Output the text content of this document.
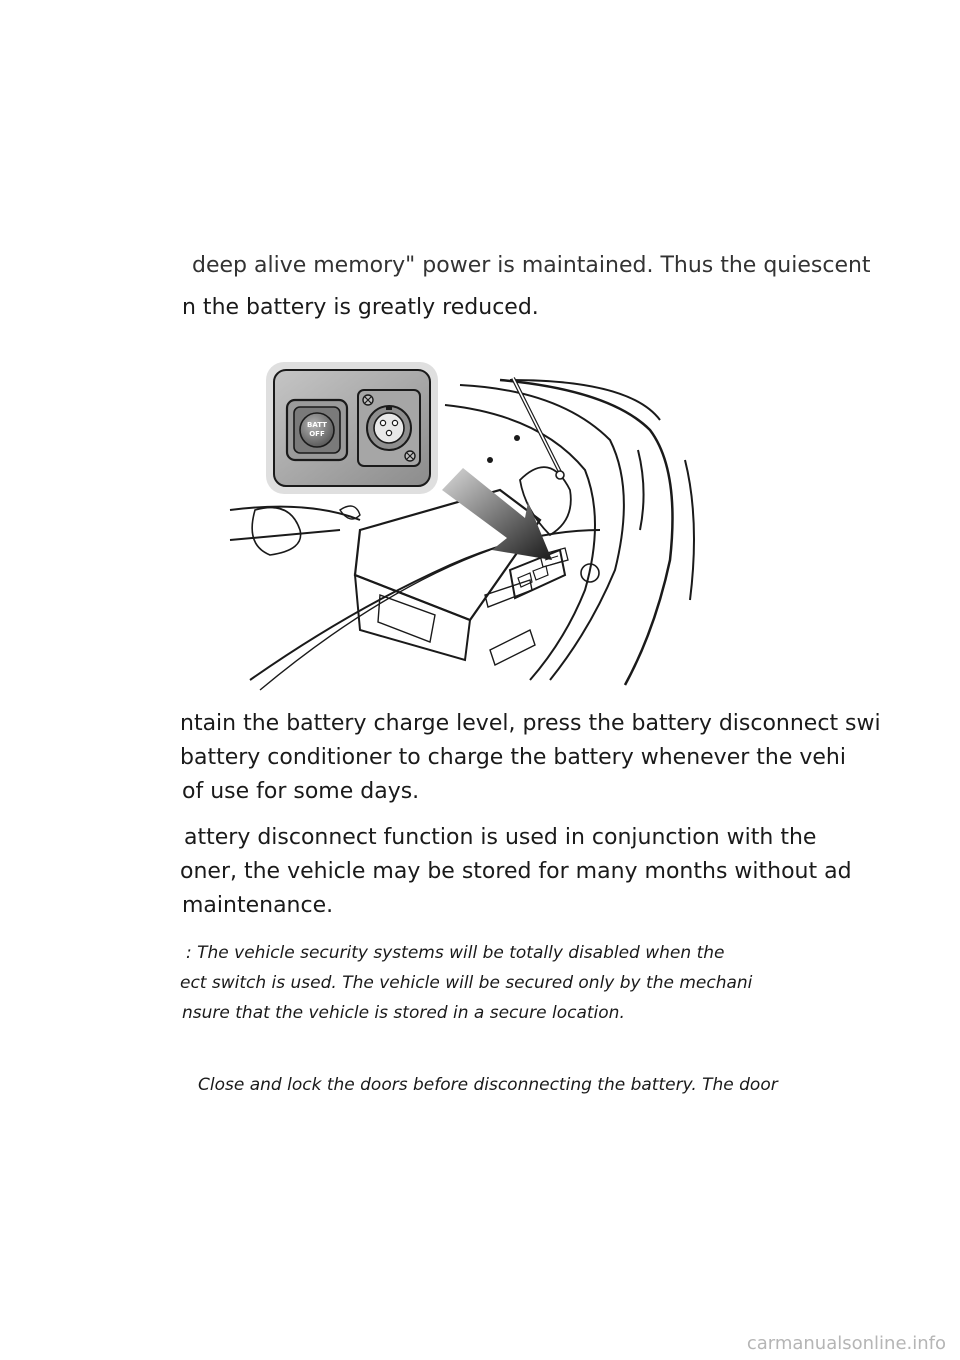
deep alive memory" power is maintained. Thus the quiescent
n the battery is greatly reduced.
BATT
OFF
ntain the battery charge level, press the battery disconnect swi
battery conditioner to charge the battery whenever the vehi
of use for some days.
attery disconnect function is used in conjunction with the
oner, the vehicle may be stored for many months without ad
maintenance.
: The vehicle security systems will be totally disabled when the
ect switch is used. The vehicle will be secured only by the mechani
nsure that the vehicle is stored in a secure location.
Close and lock the doors before disconnecting the battery. The door
carmanualsonline.info
